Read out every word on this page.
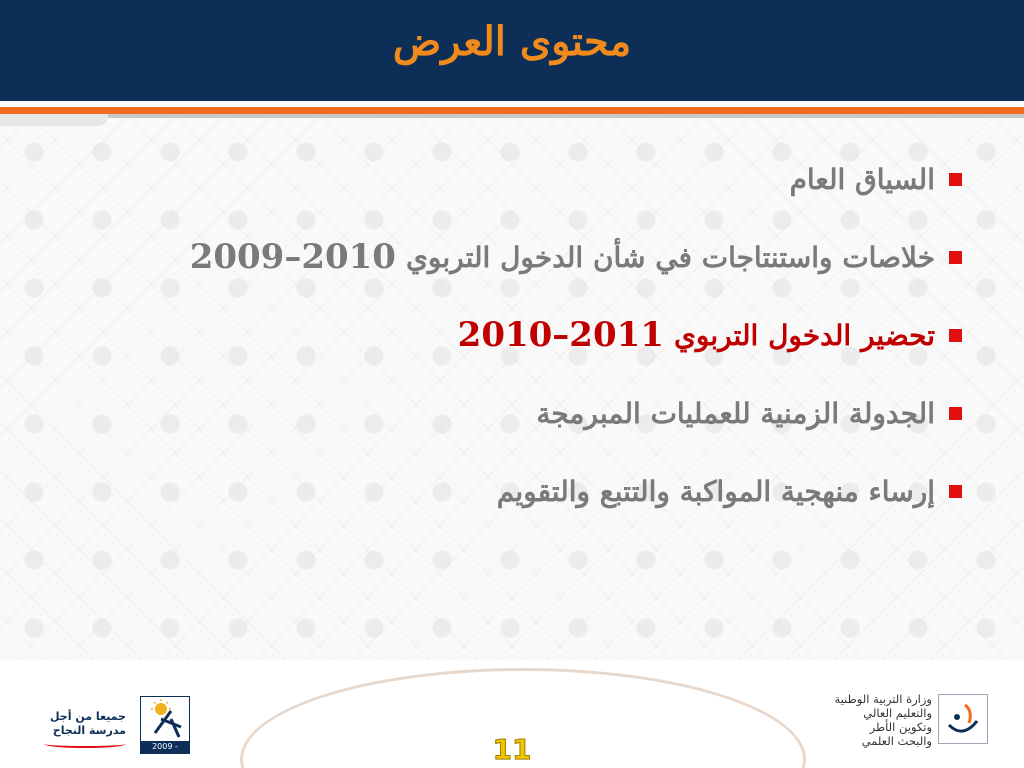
محتوى العرض
السياق العام
خلاصات واستنتاجات في شأن الدخول التربوي
2009–2010
تحضير الدخول التربوي
2010–2011
الجدولة الزمنية للعمليات المبرمجة
إرساء منهجية المواكبة والتتبع والتقويم
جميعا من أجل
مدرسة النجاح
2009 - 2012
وزارة التربية الوطنية
والتعليم العالي
وتكوين الأطر
والبحث العلمي
11
